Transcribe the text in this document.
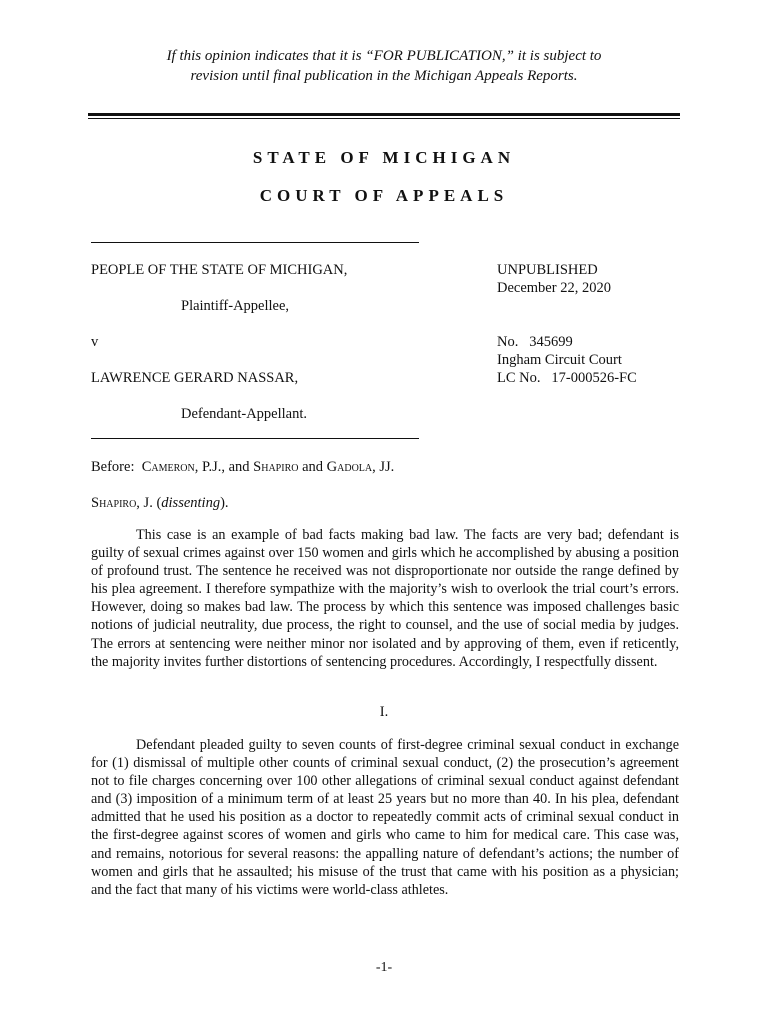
If this opinion indicates that it is “FOR PUBLICATION,” it is subject to
revision until final publication in the Michigan Appeals Reports.
STATE OF MICHIGAN
COURT OF APPEALS
PEOPLE OF THE STATE OF MICHIGAN,
Plaintiff-Appellee,
v
LAWRENCE GERARD NASSAR,
Defendant-Appellant.
UNPUBLISHED
December 22, 2020
No.   345699
Ingham Circuit Court
LC No.   17-000526-FC
Before:  Cameron, P.J., and Shapiro and Gadola, JJ.
Shapiro, J. (dissenting).

This case is an example of bad facts making bad law. The facts are very bad; defendant is guilty of sexual crimes against over 150 women and girls which he accomplished by abusing a position of profound trust. The sentence he received was not disproportionate nor outside the range defined by his plea agreement. I therefore sympathize with the majority’s wish to overlook the trial court’s errors. However, doing so makes bad law. The process by which this sentence was imposed challenges basic notions of judicial neutrality, due process, the right to counsel, and the use of social media by judges. The errors at sentencing were neither minor nor isolated and by approving of them, even if reticently, the majority invites further distortions of sentencing procedures. Accordingly, I respectfully dissent.

I.

Defendant pleaded guilty to seven counts of first-degree criminal sexual conduct in exchange for (1) dismissal of multiple other counts of criminal sexual conduct, (2) the prosecution’s agreement not to file charges concerning over 100 other allegations of criminal sexual conduct against defendant and (3) imposition of a minimum term of at least 25 years but no more than 40. In his plea, defendant admitted that he used his position as a doctor to repeatedly commit acts of criminal sexual conduct in the first-degree against scores of women and girls who came to him for medical care. This case was, and remains, notorious for several reasons: the appalling nature of defendant’s actions; the number of women and girls that he assaulted; his misuse of the trust that came with his position as a physician; and the fact that many of his victims were world-class athletes.

-1-
